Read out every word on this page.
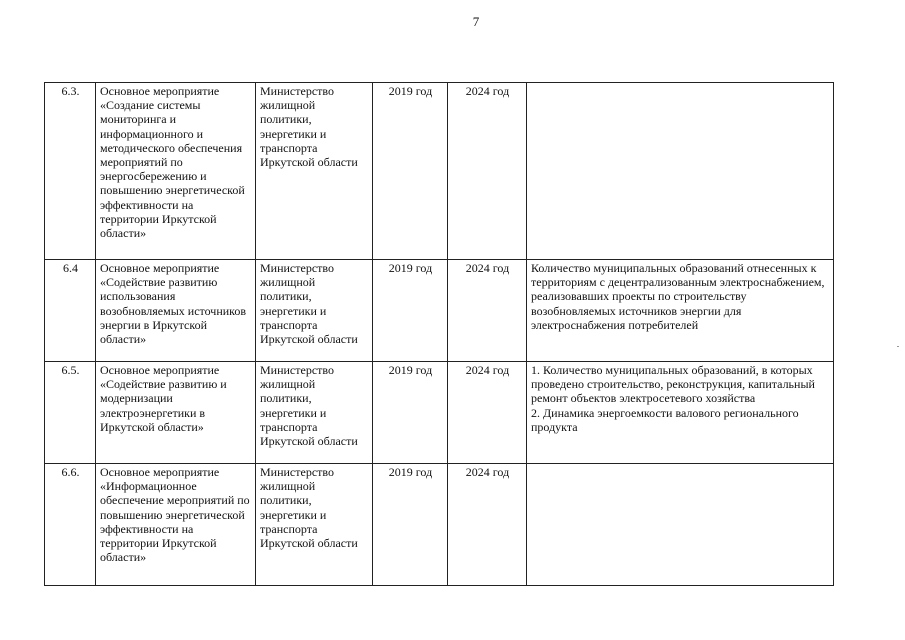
7
6.3.	Основное мероприятие «Создание системы мониторинга и информационного и методического обеспечения мероприятий по энергосбережению и повышению энергетической эффективности на территории Иркутской области»	Министерство жилищной политики, энергетики и транспорта Иркутской области	2019 год	2024 год	
6.4	Основное мероприятие «Содействие развитию использования возобновляемых источников энергии в Иркутской области»	Министерство жилищной политики, энергетики и транспорта Иркутской области	2019 год	2024 год	Количество муниципальных образований отнесенных к территориям с децентрализованным электроснабжением, реализовавших проекты по строительству возобновляемых источников энергии для электроснабжения потребителей

6.5.	Основное мероприятие «Содействие развитию и модернизации электроэнергетики в Иркутской области»	Министерство жилищной политики, энергетики и транспорта Иркутской области	2019 год	2024 год	1. Количество муниципальных образований, в которых проведено строительство, реконструкция, капитальный ремонт объектов электросетевого хозяйства
2. Динамика энергоемкости валового регионального продукта

6.6.	Основное мероприятие «Информационное обеспечение мероприятий по повышению энергетической эффективности на территории Иркутской области»	Министерство жилищной политики, энергетики и транспорта Иркутской области	2019 год	2024 год	
